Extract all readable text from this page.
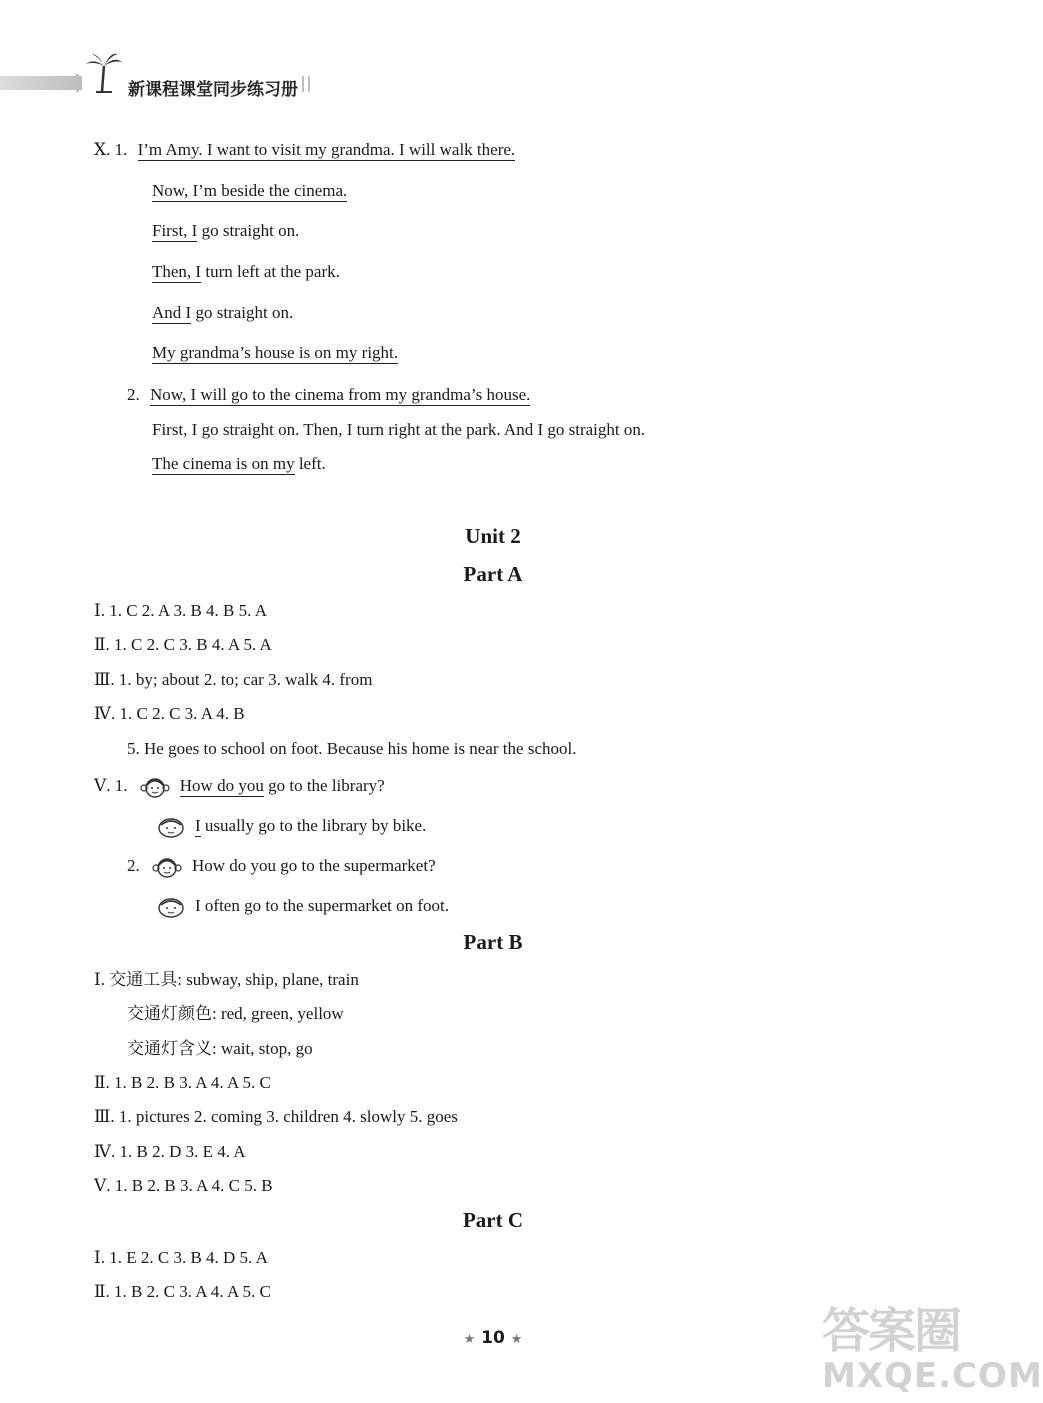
新课程课堂同步练习册
Ⅹ. 1. I’m Amy. I want to visit my grandma. I will walk there.
Now, I’m beside the cinema.
First, I go straight on.
Then, I turn left at the park.
And I go straight on.
My grandma’s house is on my right.
2. Now, I will go to the cinema from my grandma’s house.
First, I go straight on. Then, I turn right at the park. And I go straight on.
The cinema is on my left.
Unit 2
Part A
Ⅰ. 1. C 2. A 3. B 4. B 5. A
Ⅱ. 1. C 2. C 3. B 4. A 5. A
Ⅲ. 1. by; about 2. to; car 3. walk 4. from
Ⅳ. 1. C 2. C 3. A 4. B
5. He goes to school on foot. Because his home is near the school.
Ⅴ. 1.	How do you go to the library?
I usually go to the library by bike.
2.	How do you go to the supermarket?
I often go to the supermarket on foot.
Part B
Ⅰ. 交通工具: subway, ship, plane, train
交通灯颜色: red, green, yellow
交通灯含义: wait, stop, go
Ⅱ. 1. B 2. B 3. A 4. A 5. C
Ⅲ. 1. pictures 2. coming 3. children 4. slowly 5. goes
Ⅳ. 1. B 2. D 3. E 4. A
Ⅴ. 1. B 2. B 3. A 4. C 5. B
Part C
Ⅰ. 1. E 2. C 3. B 4. D 5. A
Ⅱ. 1. B 2. C 3. A 4. A 5. C
★ 10 ★	答案圈
MXQE.COM
